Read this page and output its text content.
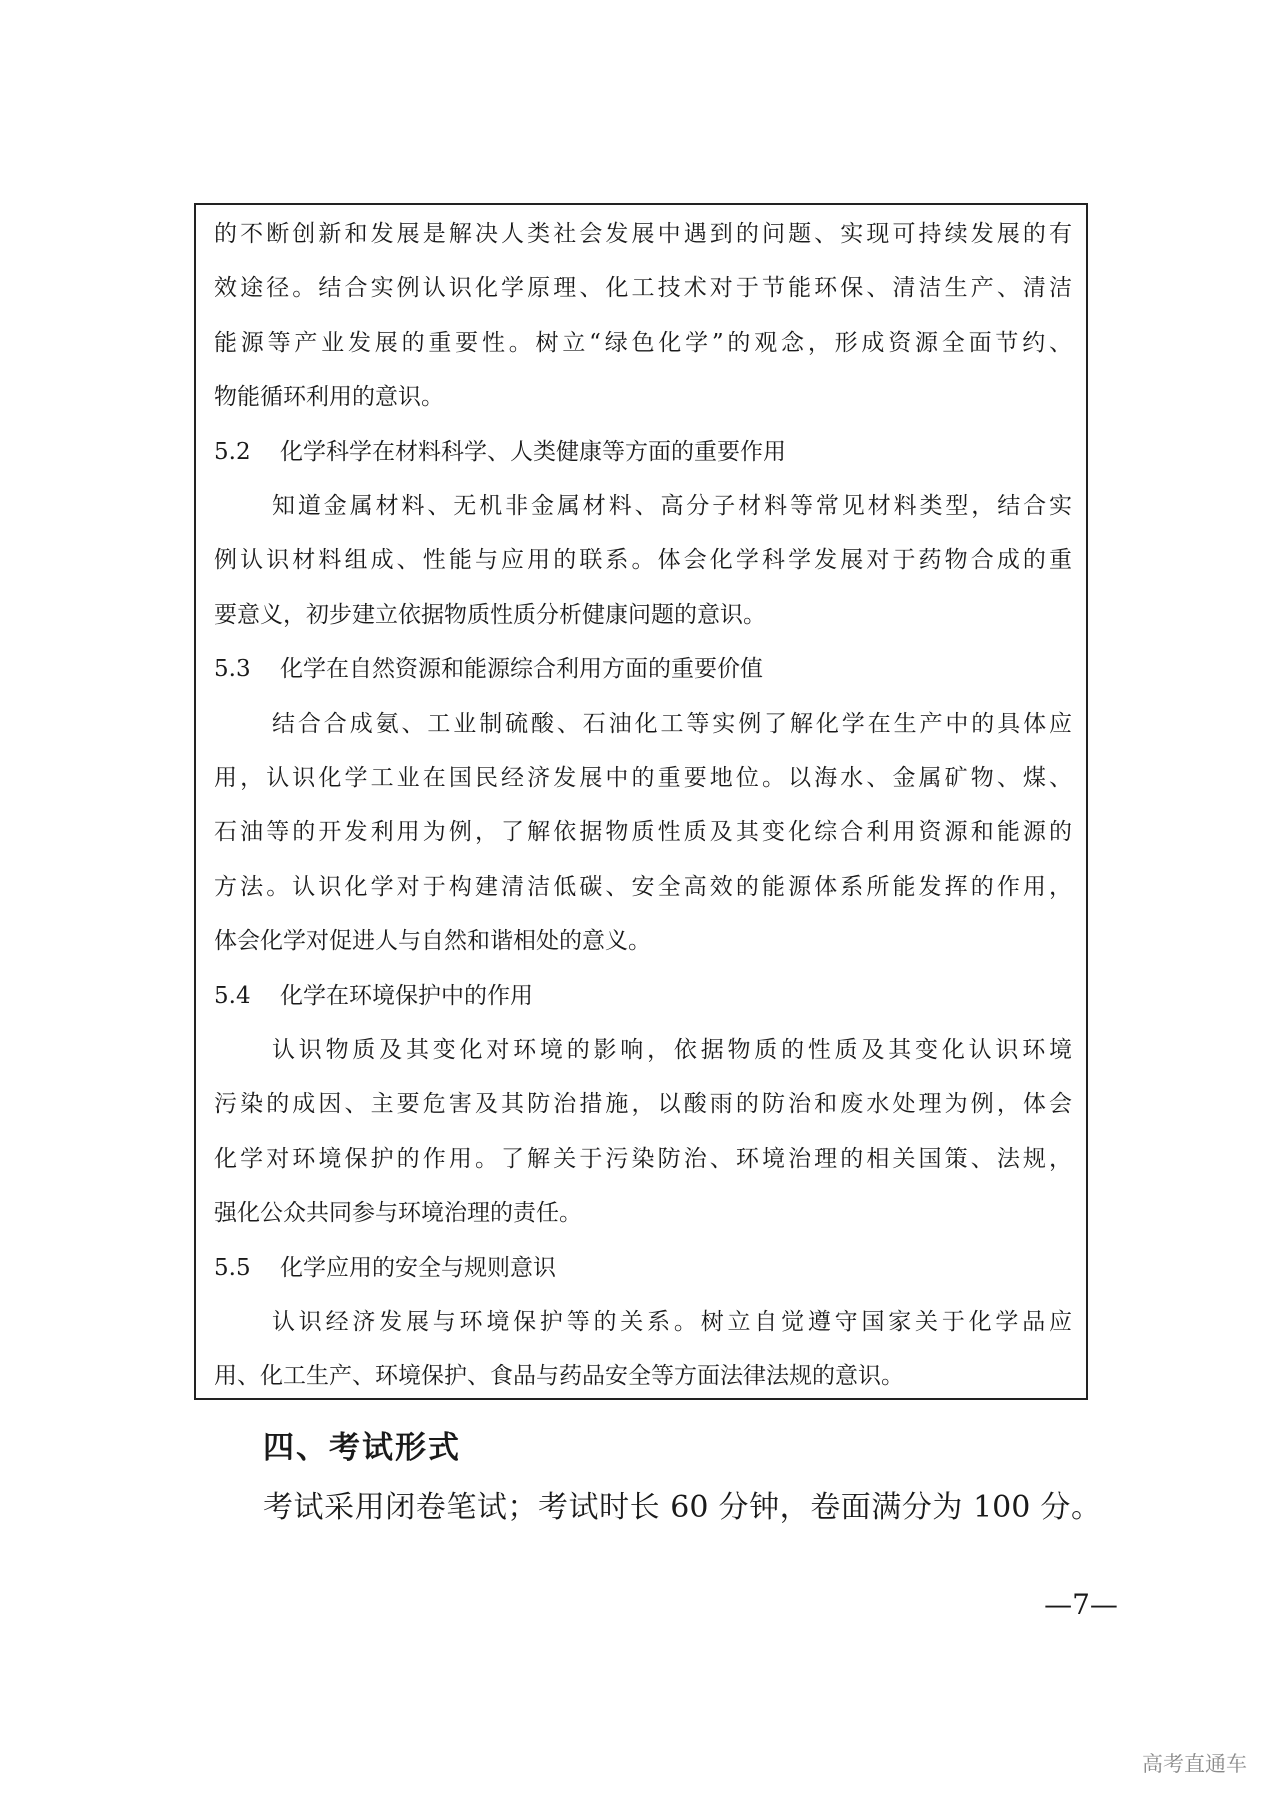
的不断创新和发展是解决人类社会发展中遇到的问题、实现可持续发展的有
效途径。结合实例认识化学原理、化工技术对于节能环保、清洁生产、清洁
能源等产业发展的重要性。树立“绿色化学”的观念，形成资源全面节约、
物能循环利用的意识。
5.2 化学科学在材料科学、人类健康等方面的重要作用
知道金属材料、无机非金属材料、高分子材料等常见材料类型，结合实
例认识材料组成、性能与应用的联系。体会化学科学发展对于药物合成的重
要意义，初步建立依据物质性质分析健康问题的意识。
5.3 化学在自然资源和能源综合利用方面的重要价值
结合合成氨、工业制硫酸、石油化工等实例了解化学在生产中的具体应
用，认识化学工业在国民经济发展中的重要地位。以海水、金属矿物、煤、
石油等的开发利用为例，了解依据物质性质及其变化综合利用资源和能源的
方法。认识化学对于构建清洁低碳、安全高效的能源体系所能发挥的作用，
体会化学对促进人与自然和谐相处的意义。
5.4 化学在环境保护中的作用
认识物质及其变化对环境的影响，依据物质的性质及其变化认识环境
污染的成因、主要危害及其防治措施，以酸雨的防治和废水处理为例，体会
化学对环境保护的作用。了解关于污染防治、环境治理的相关国策、法规，
强化公众共同参与环境治理的责任。
5.5 化学应用的安全与规则意识
认识经济发展与环境保护等的关系。树立自觉遵守国家关于化学品应
用、化工生产、环境保护、食品与药品安全等方面法律法规的意识。
四、考试形式
考试采用闭卷笔试；考试时长 60 分钟，卷面满分为 100 分。
—7—
高考直通车
